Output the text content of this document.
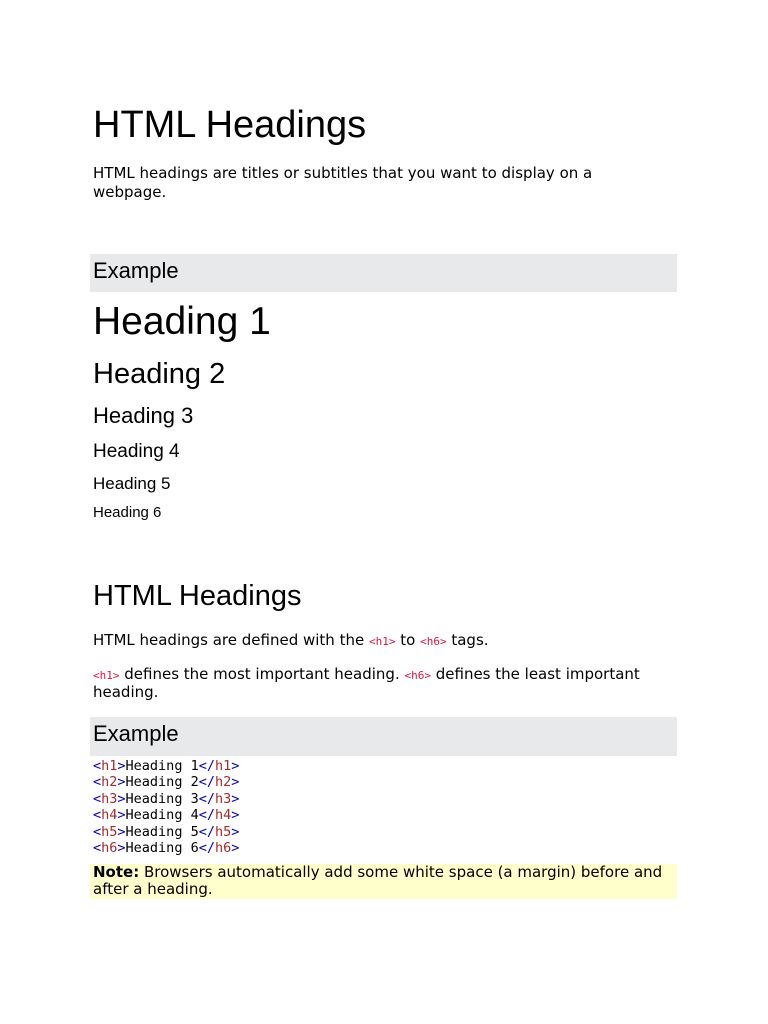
HTML Headings

HTML headings are titles or subtitles that you want to display on a webpage.

Example
Heading 1
Heading 2
Heading 3
Heading 4
Heading 5
Heading 6
HTML Headings

HTML headings are defined with the <h1> to <h6> tags.

<h1> defines the most important heading. <h6> defines the least important heading.

Example
<h1>Heading 1</h1>
<h2>Heading 2</h2>
<h3>Heading 3</h3>
<h4>Heading 4</h4>
<h5>Heading 5</h5>
<h6>Heading 6</h6>

Note: Browsers automatically add some white space (a margin) before and after a heading.
